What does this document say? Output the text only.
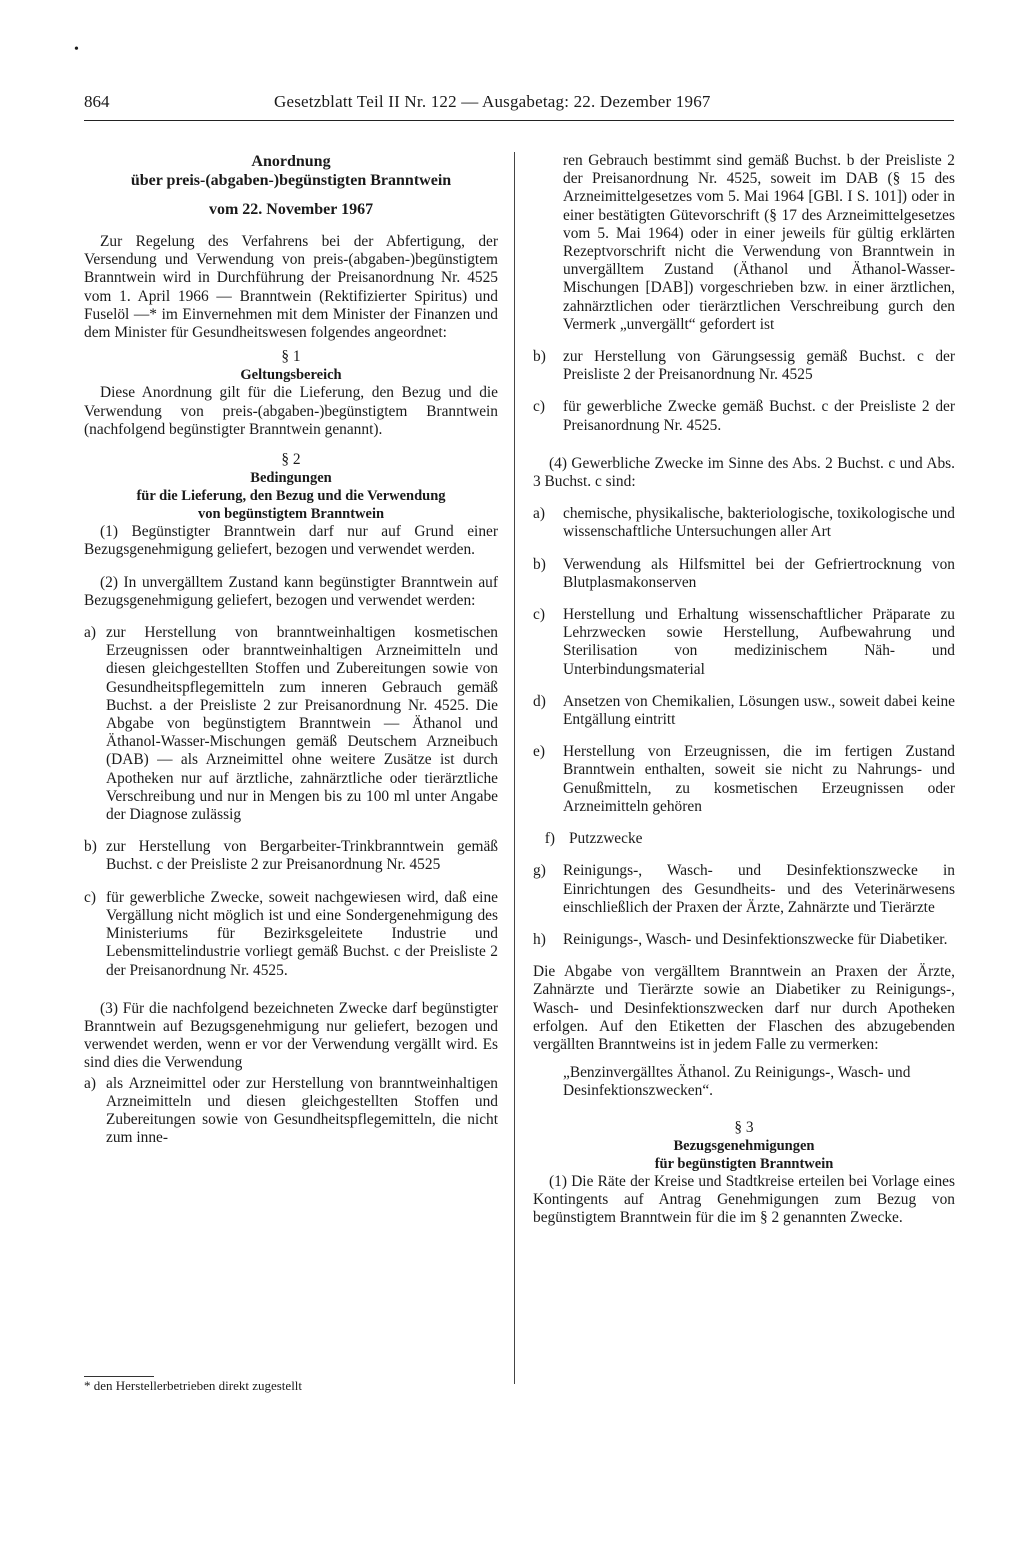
•
864	Gesetzblatt Teil II Nr. 122 — Ausgabetag: 22. Dezember 1967
Anordnung
über preis-(abgaben-)begünstigten Branntwein
vom 22. November 1967

Zur Regelung des Verfahrens bei der Abfertigung, der Versendung und Verwendung von preis-(abgaben-)begünstigtem Branntwein wird in Durchführung der Preisanordnung Nr. 4525 vom 1. April 1966 — Branntwein (Rektifizierter Spiritus) und Fuselöl —* im Einvernehmen mit dem Minister der Finanzen und dem Minister für Gesundheitswesen folgendes angeordnet:

§ 1
Geltungsbereich

Diese Anordnung gilt für die Lieferung, den Bezug und die Verwendung von preis-(abgaben-)begünstigtem Branntwein (nachfolgend begünstigter Branntwein genannt).

§ 2
Bedingungen
für die Lieferung, den Bezug und die Verwendung
von begünstigtem Branntwein

(1) Begünstigter Branntwein darf nur auf Grund einer Bezugsgenehmigung geliefert, bezogen und verwendet werden.

(2) In unvergälltem Zustand kann begünstigter Branntwein auf Bezugsgenehmigung geliefert, bezogen und verwendet werden:

a) zur Herstellung von branntweinhaltigen kosmetischen Erzeugnissen oder branntweinhaltigen Arzneimitteln und diesen gleichgestellten Stoffen und Zubereitungen sowie von Gesundheitspflegemitteln zum inneren Gebrauch gemäß Buchst. a der Preisliste 2 zur Preisanordnung Nr. 4525. Die Abgabe von begünstigtem Branntwein — Äthanol und Äthanol-Wasser-Mischungen gemäß Deutschem Arzneibuch (DAB) — als Arzneimittel ohne weitere Zusätze ist durch Apotheken nur auf ärztliche, zahnärztliche oder tierärztliche Verschreibung und nur in Mengen bis zu 100 ml unter Angabe der Diagnose zulässig
b) zur Herstellung von Bergarbeiter-Trinkbranntwein gemäß Buchst. c der Preisliste 2 zur Preisanordnung Nr. 4525
c) für gewerbliche Zwecke, soweit nachgewiesen wird, daß eine Vergällung nicht möglich ist und eine Sondergenehmigung des Ministeriums für Bezirksgeleitete Industrie und Lebensmittelindustrie vorliegt gemäß Buchst. c der Preisliste 2 der Preisanordnung Nr. 4525.

(3) Für die nachfolgend bezeichneten Zwecke darf begünstigter Branntwein auf Bezugsgenehmigung nur geliefert, bezogen und verwendet werden, wenn er vor der Verwendung vergällt wird. Es sind dies die Verwendung

a) als Arzneimittel oder zur Herstellung von branntweinhaltigen Arzneimitteln und diesen gleichgestellten Stoffen und Zubereitungen sowie von Gesundheitspflegemitteln, die nicht zum inne-

ren Gebrauch bestimmt sind gemäß Buchst. b der Preisliste 2 der Preisanordnung Nr. 4525, soweit im DAB (§ 15 des Arzneimittelgesetzes vom 5. Mai 1964 [GBl. I S. 101]) oder in einer bestätigten Gütevorschrift (§ 17 des Arzneimittelgesetzes vom 5. Mai 1964) oder in einer jeweils für gültig erklärten Rezeptvorschrift nicht die Verwendung von Branntwein in unvergälltem Zustand (Äthanol und Äthanol-Wasser-Mischungen [DAB]) vorgeschrieben bzw. in einer ärztlichen, zahnärztlichen oder tierärztlichen Verschreibung gurch den Vermerk „unvergällt“ gefordert ist

b)	zur Herstellung von Gärungsessig gemäß Buchst. c der Preisliste 2 der Preisanordnung Nr. 4525
c)	für gewerbliche Zwecke gemäß Buchst. c der Preisliste 2 der Preisanordnung Nr. 4525.

(4) Gewerbliche Zwecke im Sinne des Abs. 2 Buchst. c und Abs. 3 Buchst. c sind:

a)	chemische, physikalische, bakteriologische, toxikologische und wissenschaftliche Untersuchungen aller Art
b)	Verwendung als Hilfsmittel bei der Gefriertrocknung von Blutplasmakonserven
c)	Herstellung und Erhaltung wissenschaftlicher Präparate zu Lehrzwecken sowie Herstellung, Aufbewahrung und Sterilisation von medizinischem Näh- und Unterbindungsmaterial
d)	Ansetzen von Chemikalien, Lösungen usw., soweit dabei keine Entgällung eintritt
e)	Herstellung von Erzeugnissen, die im fertigen Zustand Branntwein enthalten, soweit sie nicht zu Nahrungs- und Genußmitteln, zu kosmetischen Erzeugnissen oder Arzneimitteln gehören
f) Putzzwecke
g)	Reinigungs-, Wasch- und Desinfektionszwecke in Einrichtungen des Gesundheits- und des Veterinärwesens einschließlich der Praxen der Ärzte, Zahnärzte und Tierärzte
h)	Reinigungs-, Wasch- und Desinfektionszwecke für Diabetiker.

Die Abgabe von vergälltem Branntwein an Praxen der Ärzte, Zahnärzte und Tierärzte sowie an Diabetiker zu Reinigungs-, Wasch- und Desinfektionszwecken darf nur durch Apotheken erfolgen. Auf den Etiketten der Flaschen des abzugebenden vergällten Branntweins ist in jedem Falle zu vermerken:

„Benzinvergälltes Äthanol. Zu Reinigungs-, Wasch- und Desinfektionszwecken“.

§ 3
Bezugsgenehmigungen
für begünstigten Branntwein

(1) Die Räte der Kreise und Stadtkreise erteilen bei Vorlage eines Kontingents auf Antrag Genehmigungen zum Bezug von begünstigtem Branntwein für die im § 2 genannten Zwecke.

* den Herstellerbetrieben direkt zugestellt
